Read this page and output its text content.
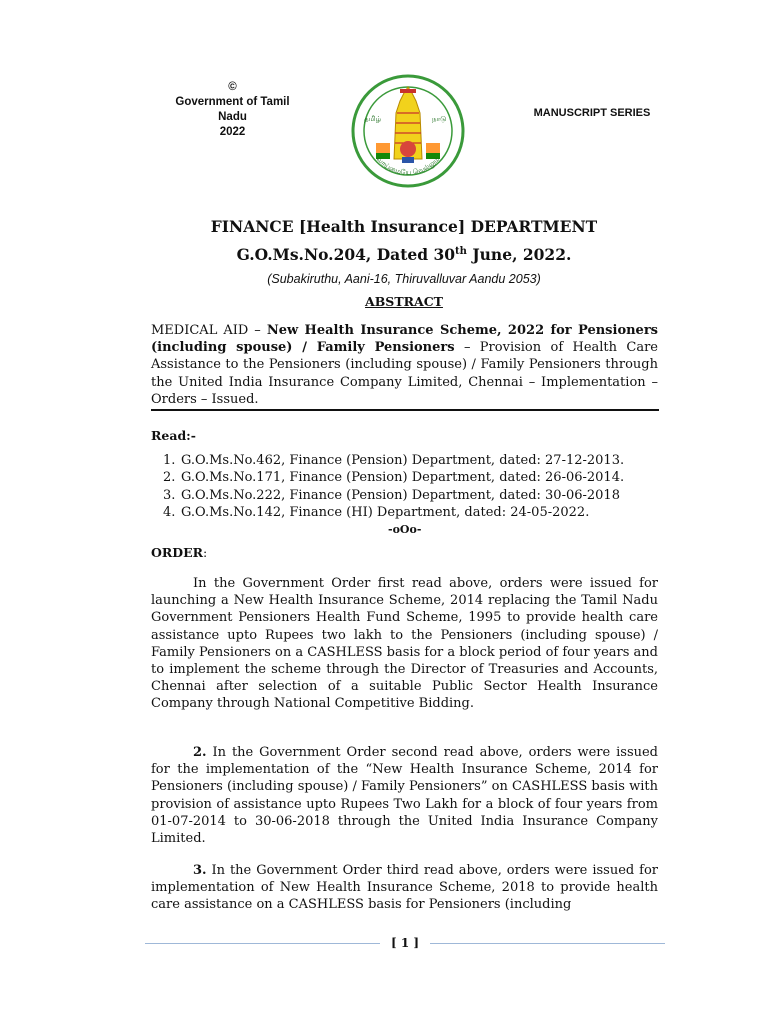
©
Government of Tamil Nadu
2022
MANUSCRIPT SERIES
வாய்மையே வெல்லும்
தமிழ்	நாடு
FINANCE [Health Insurance] DEPARTMENT
G.O.Ms.No.204, Dated 30th June, 2022.
(Subakiruthu, Aani-16, Thiruvalluvar Aandu 2053)
ABSTRACT
MEDICAL AID – New Health Insurance Scheme, 2022 for Pensioners (including spouse) / Family Pensioners – Provision of Health Care Assistance to the Pensioners (including spouse) / Family Pensioners through the United India Insurance Company Limited, Chennai – Implementation – Orders – Issued.
Read:-
1. G.O.Ms.No.462, Finance (Pension) Department, dated: 27-12-2013.
2. G.O.Ms.No.171, Finance (Pension) Department, dated: 26-06-2014.
3. G.O.Ms.No.222, Finance (Pension) Department, dated: 30-06-2018
4. G.O.Ms.No.142, Finance (HI) Department, dated: 24-05-2022.
-oOo-
ORDER:

In the Government Order first read above, orders were issued for launching a New Health Insurance Scheme, 2014 replacing the Tamil Nadu Government Pensioners Health Fund Scheme, 1995 to provide health care assistance upto Rupees two lakh to the Pensioners (including spouse) / Family Pensioners on a CASHLESS basis for a block period of four years and to implement the scheme through the Director of Treasuries and Accounts, Chennai after selection of a suitable Public Sector Health Insurance Company through National Competitive Bidding.

2. In the Government Order second read above, orders were issued for the implementation of the “New Health Insurance Scheme, 2014 for Pensioners (including spouse) / Family Pensioners” on CASHLESS basis with provision of assistance upto Rupees Two Lakh for a block of four years from 01-07-2014 to 30-06-2018 through the United India Insurance Company Limited.

3. In the Government Order third read above, orders were issued for implementation of New Health Insurance Scheme, 2018 to provide health care assistance on a CASHLESS basis for Pensioners (including

[ 1 ]
